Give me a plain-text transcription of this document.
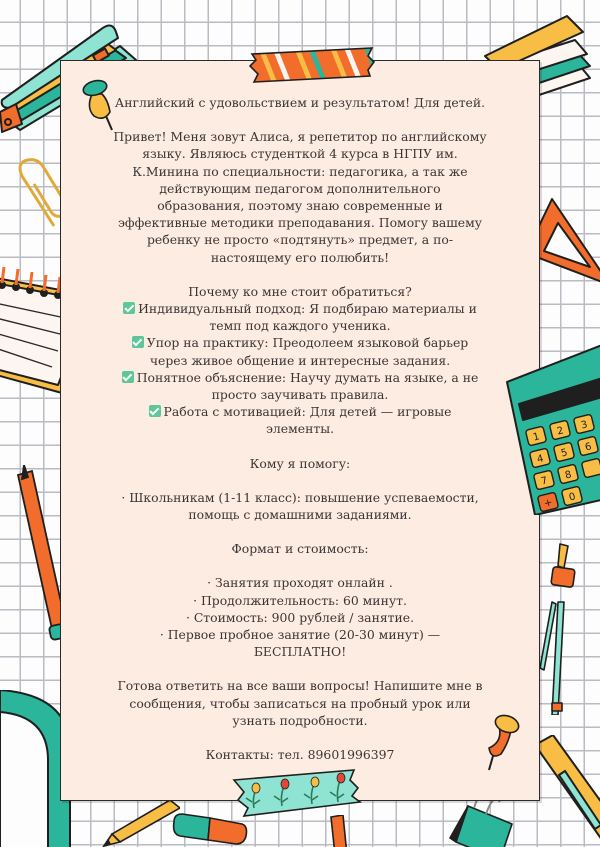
1 2 3
4 5 6
7 8
0
+

Английский с удовольствием и результатом! Для детей.

Привет! Меня зовут Алиса, я репетитор по английскому

языку. Являюсь студенткой 4 курса в НГПУ им.

К.Минина по специальности: педагогика, а так же

действующим педагогом дополнительного

образования, поэтому знаю современные и

эффективные методики преподавания. Помогу вашему

ребенку не просто «подтянуть» предмет, а по-

настоящему его полюбить!

Почему ко мне стоит обратиться?

Индивидуальный подход: Я подбираю материалы и

темп под каждого ученика.

Упор на практику: Преодолеем языковой барьер

через живое общение и интересные задания.

Понятное объяснение: Научу думать на языке, а не

просто заучивать правила.

Работа с мотивацией: Для детей — игровые

элементы.

Кому я помогу:

· Школьникам (1-11 класс): повышение успеваемости,

помощь с домашними заданиями.

Формат и стоимость:

· Занятия проходят онлайн .

· Продолжительность: 60 минут.

· Стоимость: 900 рублей / занятие.

· Первое пробное занятие (20-30 минут) —

БЕСПЛАТНО!

Готова ответить на все ваши вопросы! Напишите мне в

сообщения, чтобы записаться на пробный урок или

узнать подробности.

Контакты: тел. 89601996397
